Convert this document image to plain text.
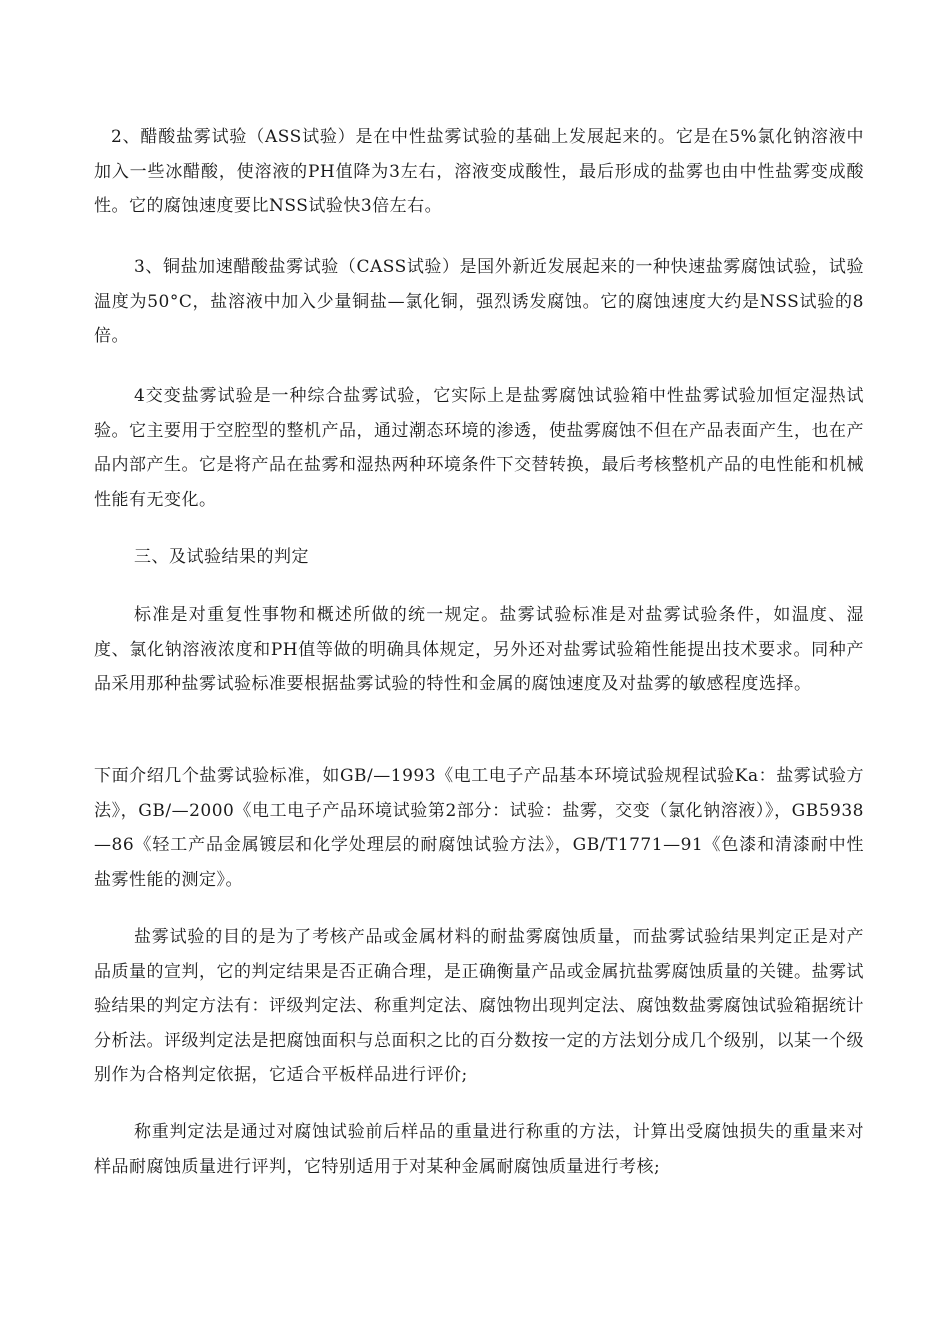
2、醋酸盐雾试验（ASS试验）是在中性盐雾试验的基础上发展起来的。它是在5%氯化钠溶液中加入一些冰醋酸，使溶液的PH值降为3左右，溶液变成酸性，最后形成的盐雾也由中性盐雾变成酸性。它的腐蚀速度要比NSS试验快3倍左右。

3、铜盐加速醋酸盐雾试验（CASS试验）是国外新近发展起来的一种快速盐雾腐蚀试验，试验温度为50°C，盐溶液中加入少量铜盐—氯化铜，强烈诱发腐蚀。它的腐蚀速度大约是NSS试验的8倍。

4交变盐雾试验是一种综合盐雾试验，它实际上是盐雾腐蚀试验箱中性盐雾试验加恒定湿热试验。它主要用于空腔型的整机产品，通过潮态环境的渗透，使盐雾腐蚀不但在产品表面产生，也在产品内部产生。它是将产品在盐雾和湿热两种环境条件下交替转换，最后考核整机产品的电性能和机械性能有无变化。

三、及试验结果的判定

标准是对重复性事物和概述所做的统一规定。盐雾试验标准是对盐雾试验条件，如温度、湿度、氯化钠溶液浓度和PH值等做的明确具体规定，另外还对盐雾试验箱性能提出技术要求。同种产品采用那种盐雾试验标准要根据盐雾试验的特性和金属的腐蚀速度及对盐雾的敏感程度选择。

下面介绍几个盐雾试验标准，如GB/—1993《电工电子产品基本环境试验规程试验Ka：盐雾试验方法》，GB/—2000《电工电子产品环境试验第2部分：试验：盐雾，交变（氯化钠溶液）》，GB5938—86《轻工产品金属镀层和化学处理层的耐腐蚀试验方法》，GB/T1771—91《色漆和清漆耐中性盐雾性能的测定》。

盐雾试验的目的是为了考核产品或金属材料的耐盐雾腐蚀质量，而盐雾试验结果判定正是对产品质量的宣判，它的判定结果是否正确合理，是正确衡量产品或金属抗盐雾腐蚀质量的关键。盐雾试验结果的判定方法有：评级判定法、称重判定法、腐蚀物出现判定法、腐蚀数盐雾腐蚀试验箱据统计分析法。评级判定法是把腐蚀面积与总面积之比的百分数按一定的方法划分成几个级别，以某一个级别作为合格判定依据，它适合平板样品进行评价;

称重判定法是通过对腐蚀试验前后样品的重量进行称重的方法，计算出受腐蚀损失的重量来对样品耐腐蚀质量进行评判，它特别适用于对某种金属耐腐蚀质量进行考核;
